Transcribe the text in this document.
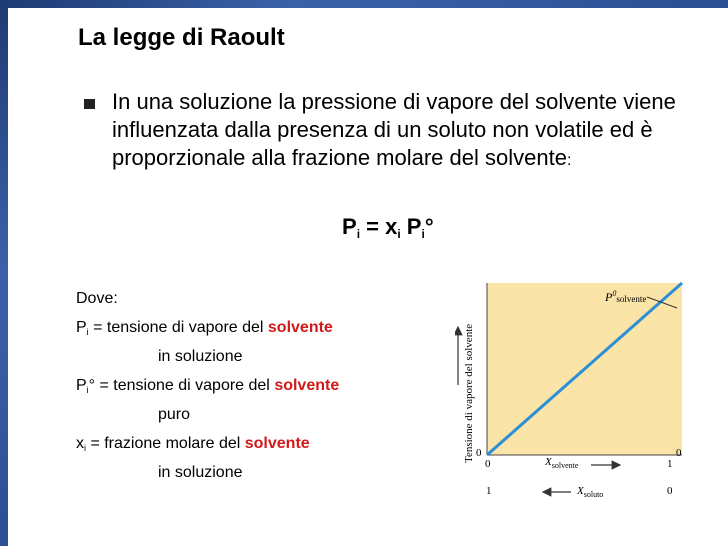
La legge di Raoult
In una soluzione la pressione di vapore del solvente viene influenzata dalla presenza di un soluto non volatile ed è proporzionale alla frazione molare del solvente:
$P_i = x_i$ $P_i^\circ$
Dove:
$P_i$ = tensione di vapore del solvente
in soluzione
$P_i^\circ$ = tensione di vapore del solvente
puro
$x_i$ = frazione molare del solvente
in soluzione
$P^0_{solvente}$
Tensione di vapore del solvente 0
0	1
0
$X_{solvente}$
1	0
$X_{soluto}$
